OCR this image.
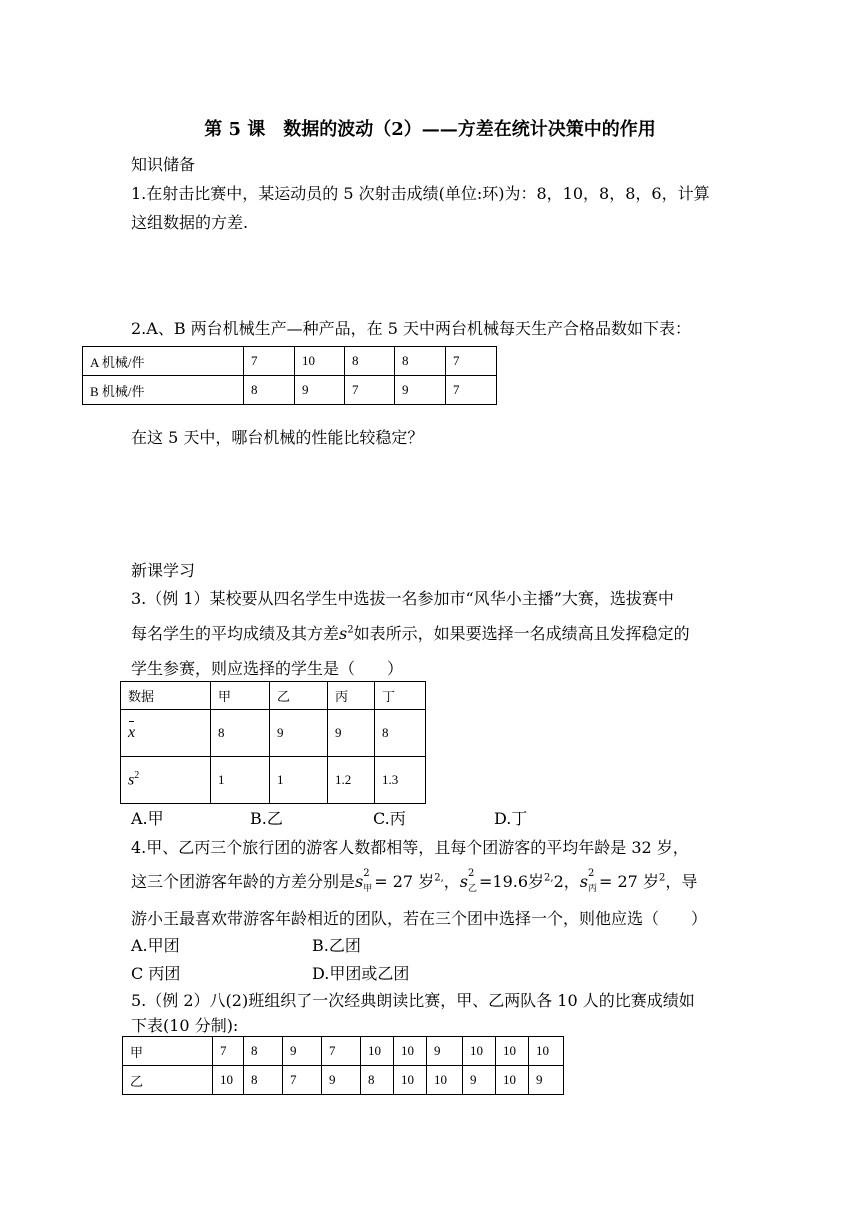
第 5 课　数据的波动（2）——方差在统计决策中的作用
知识储备
1.在射击比赛中，某运动员的 5 次射击成绩(单位:环)为：8，10，8，8，6，计算
这组数据的方差.
2.A、B 两台机械生产—种产品，在 5 天中两台机械每天生产合格品数如下表：
A 机械/件	7	10	8	8	7
B 机械/件	8	9	7	9	7
在这 5 天中，哪台机械的性能比较稳定？
新课学习
3.（例 1）某校要从四名学生中选拔一名参加市“风华小主播”大赛，选拔赛中
每名学生的平均成绩及其方差$s^2$如表所示，如果要选择一名成绩高且发挥稳定的
学生参赛，则应选择的学生是（　　）
数据	甲	乙	丙	丁
x	8	9	9	8
$s^2$	1	1	1.2	1.3
A.甲	B.乙	C.丙	D.丁
4.甲、乙丙三个旅行团的游客人数都相等，且每个团游客的平均年龄是 32 岁，
这三个团游客年龄的方差分别是s 2
甲 = 27 岁$^{2,}$，s 2
乙 =19.6岁$^{2,}$2，s 2
丙 = 27 岁$^2$，导
游小王最喜欢带游客年龄相近的团队，若在三个团中选择一个，则他应选（　　）
A.甲团	B.乙团
C 丙团	D.甲团或乙团
5.（例 2）八(2)班组织了一次经典朗读比赛，甲、乙两队各 10 人的比赛成绩如
下表(10 分制):
甲	7	8	9	7	10	10	9	10	10	10
乙	10	8	7	9	8	10	10	9	10	9
